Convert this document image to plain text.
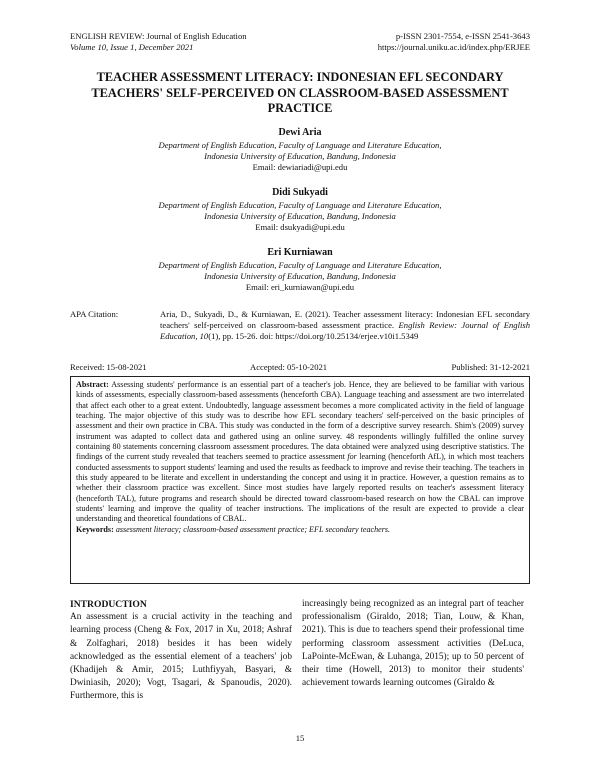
ENGLISH REVIEW: Journal of English Education
Volume 10, Issue 1, December 2021
p-ISSN 2301-7554, e-ISSN 2541-3643
https://journal.uniku.ac.id/index.php/ERJEE
TEACHER ASSESSMENT LITERACY: INDONESIAN EFL SECONDARY TEACHERS' SELF-PERCEIVED ON CLASSROOM-BASED ASSESSMENT PRACTICE
Dewi Aria
Department of English Education, Faculty of Language and Literature Education,
Indonesia University of Education, Bandung, Indonesia
Email: dewiariadi@upi.edu
Didi Sukyadi
Department of English Education, Faculty of Language and Literature Education,
Indonesia University of Education, Bandung, Indonesia
Email: dsukyadi@upi.edu
Eri Kurniawan
Department of English Education, Faculty of Language and Literature Education,
Indonesia University of Education, Bandung, Indonesia
Email: eri_kurniawan@upi.edu
APA Citation:	Aria, D., Sukyadi, D., & Kurniawan, E. (2021). Teacher assessment literacy: Indonesian EFL secondary teachers' self-perceived on classroom-based assessment practice. English Review: Journal of English Education, 10(1), pp. 15-26. doi: https://doi.org/10.25134/erjee.v10i1.5349
Received: 15-08-2021	Accepted: 05-10-2021	Published: 31-12-2021
Abstract: Assessing students' performance is an essential part of a teacher's job. Hence, they are believed to be familiar with various kinds of assessments, especially classroom-based assessments (henceforth CBA). Language teaching and assessment are two interrelated that affect each other to a great extent. Undoubtedly, language assessment becomes a more complicated activity in the field of language teaching. The major objective of this study was to describe how EFL secondary teachers' self-perceived on the basic principles of assessment and their own practice in CBA. This study was conducted in the form of a descriptive survey research. Shim's (2009) survey instrument was adapted to collect data and gathered using an online survey. 48 respondents willingly fulfilled the online survey containing 80 statements concerning classroom assessment procedures. The data obtained were analyzed using descriptive statistics. The findings of the current study revealed that teachers seemed to practice assessment for learning (henceforth AfL), in which most teachers conducted assessments to support students' learning and used the results as feedback to improve and revise their teaching. The teachers in this study appeared to be literate and excellent in understanding the concept and using it in practice. However, a question remains as to whether their classroom practice was excellent. Since most studies have largely reported results on teacher's assessment literacy (henceforth TAL), future programs and research should be directed toward classroom-based research on how the CBAL can improve students' learning and improve the quality of teacher instructions. The implications of the result are expected to provide a clear understanding and theoretical foundations of CBAL.
Keywords: assessment literacy; classroom-based assessment practice; EFL secondary teachers.
INTRODUCTION
An assessment is a crucial activity in the teaching and learning process (Cheng & Fox, 2017 in Xu, 2018; Ashraf & Zolfaghari, 2018) besides it has been widely acknowledged as the essential element of a teachers' job (Khadijeh & Amir, 2015; Luthfiyyah, Basyari, & Dwiniasih, 2020); Vogt, Tsagari, & Spanoudis, 2020). Furthermore, this is
increasingly being recognized as an integral part of teacher professionalism (Giraldo, 2018; Tian, Louw, & Khan, 2021). This is due to teachers spend their professional time performing classroom assessment activities (DeLuca, LaPointe-McEwan, & Luhanga, 2015); up to 50 percent of their time (Howell, 2013) to monitor their students' achievement towards learning outcomes (Giraldo &
15
